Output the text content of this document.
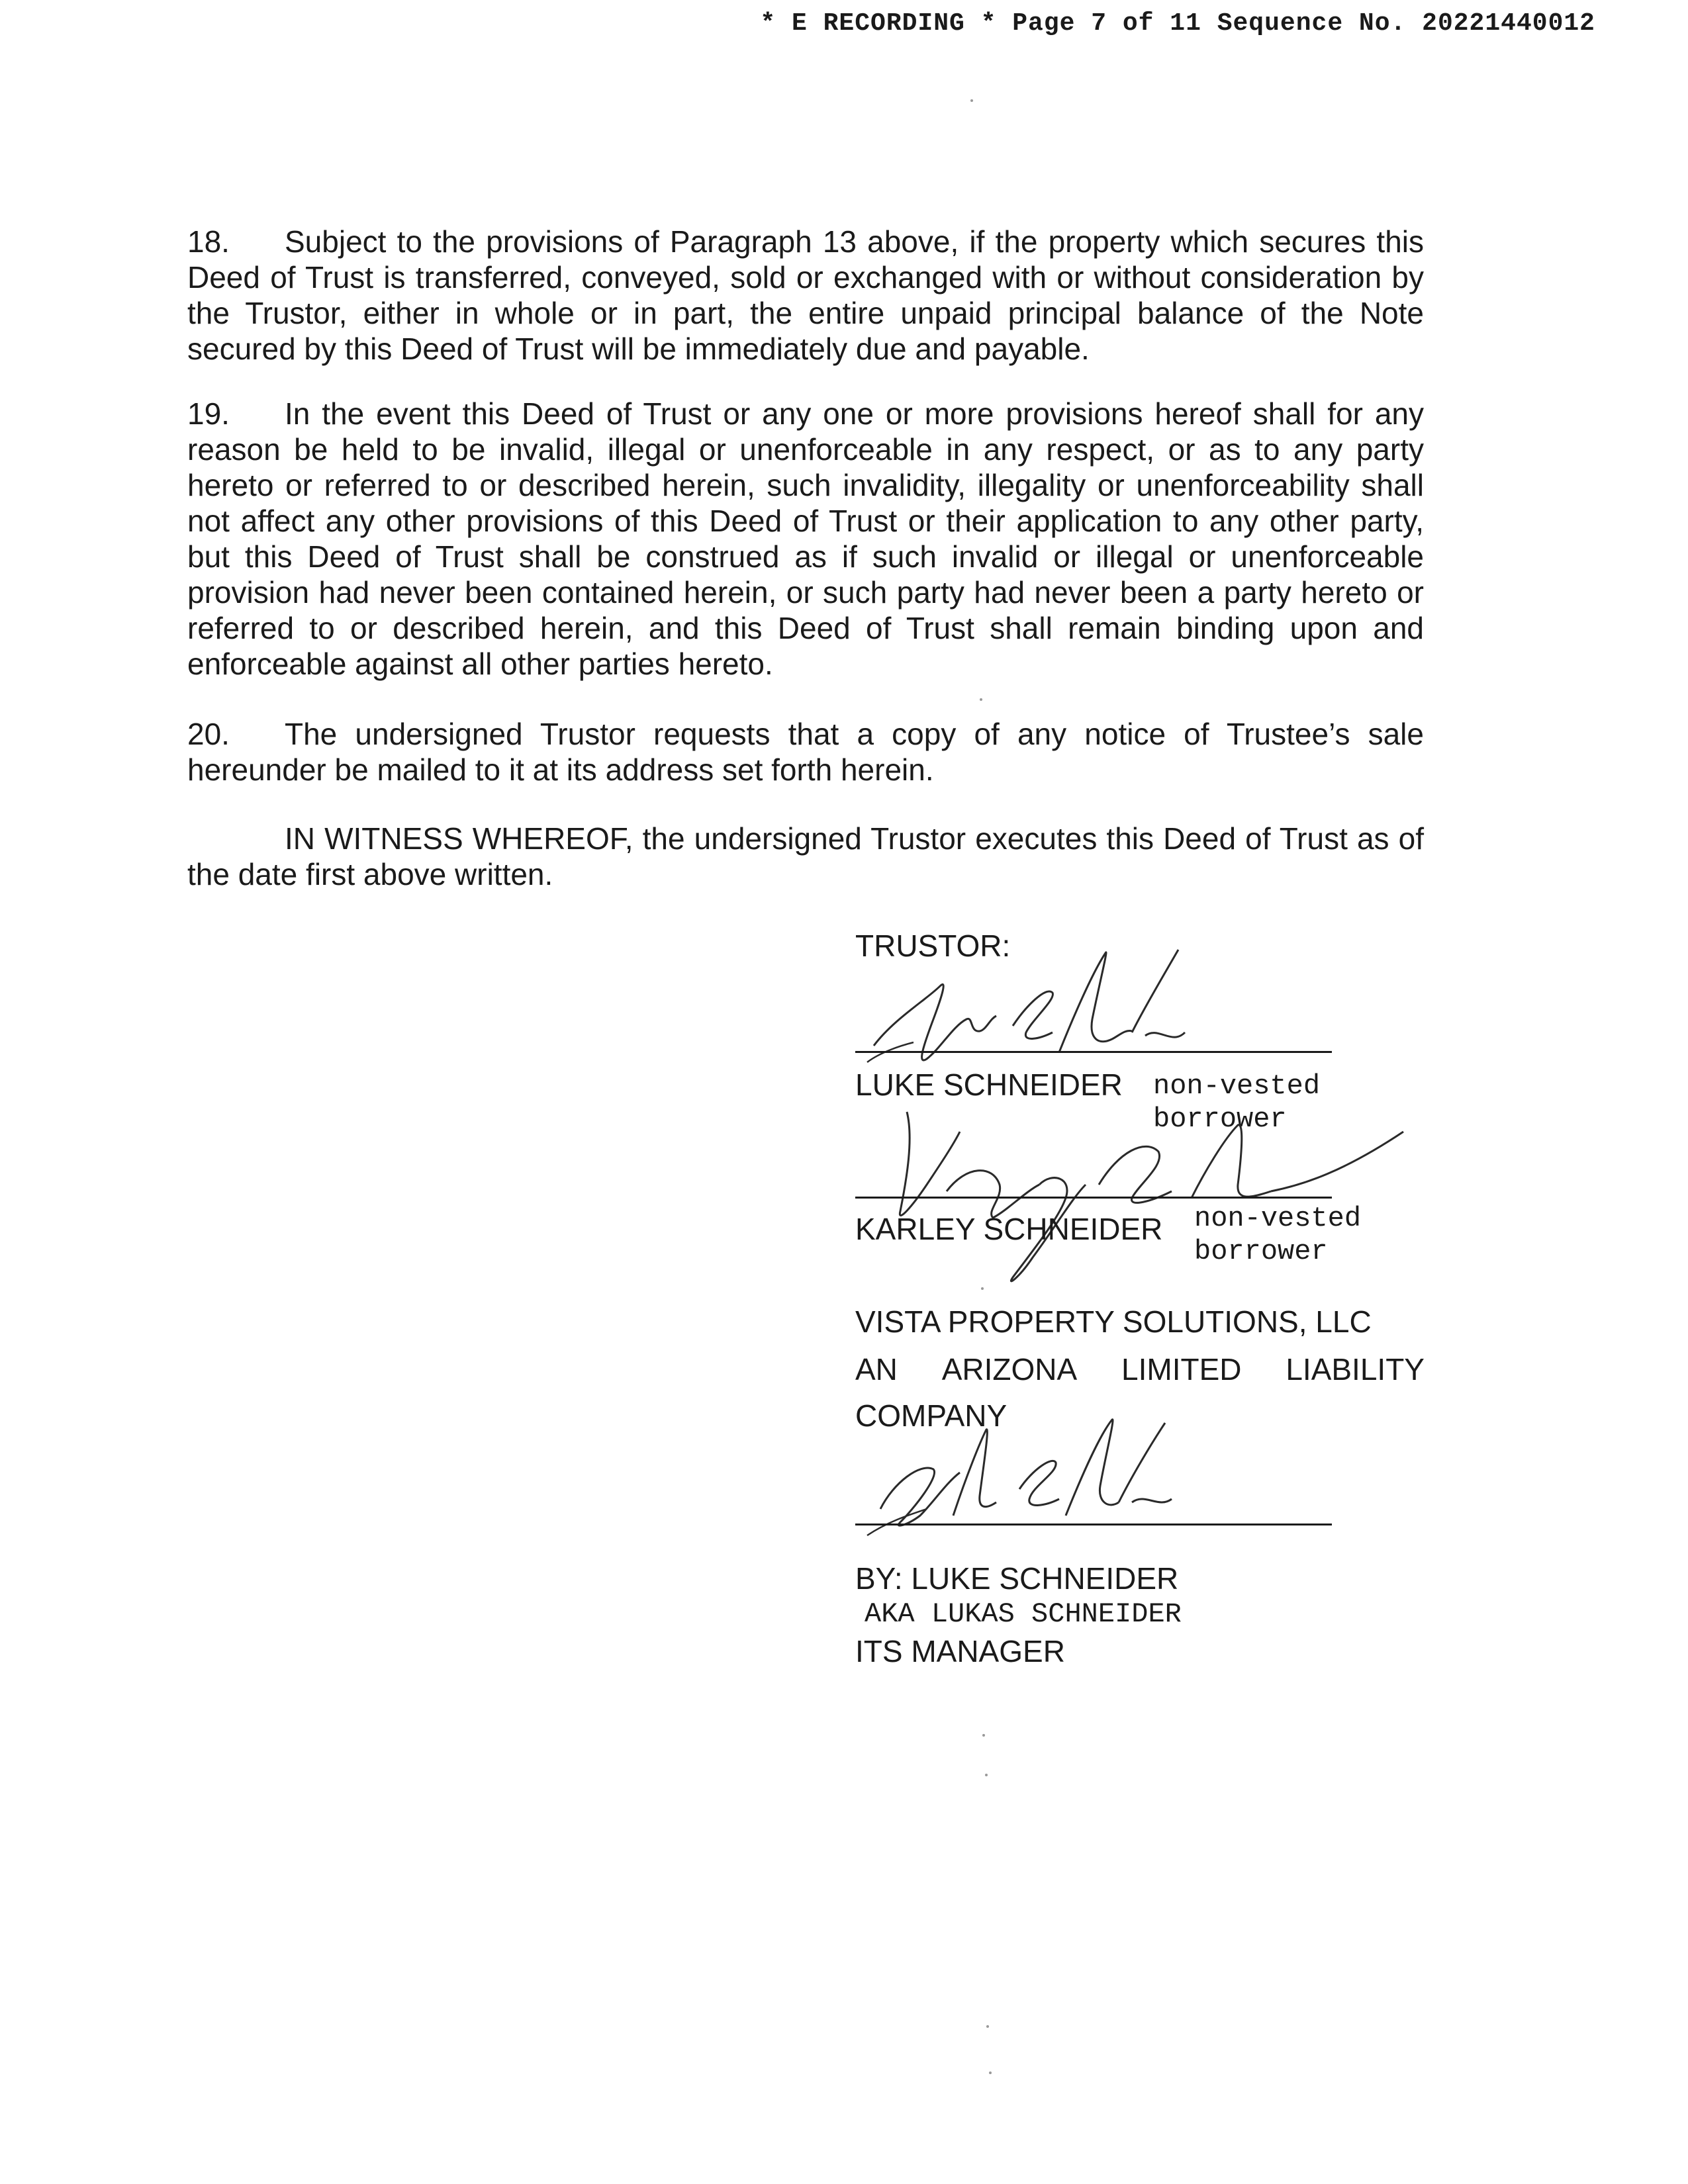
* E RECORDING * Page 7 of 11 Sequence No. 20221440012

18. Subject to the provisions of Paragraph 13 above, if the property which secures this Deed of Trust is transferred, conveyed, sold or exchanged with or without consideration by the Trustor, either in whole or in part, the entire unpaid principal balance of the Note secured by this Deed of Trust will be immediately due and payable.

19. In the event this Deed of Trust or any one or more provisions hereof shall for any reason be held to be invalid, illegal or unenforceable in any respect, or as to any party hereto or referred to or described herein, such invalidity, illegality or unenforceability shall not affect any other provisions of this Deed of Trust or their application to any other party, but this Deed of Trust shall be construed as if such invalid or illegal or unenforceable provision had never been contained herein, or such party had never been a party hereto or referred to or described herein, and this Deed of Trust shall remain binding upon and enforceable against all other parties hereto.

20. The undersigned Trustor requests that a copy of any notice of Trustee’s sale hereunder be mailed to it at its address set forth herein.

IN WITNESS WHEREOF, the undersigned Trustor executes this Deed of Trust as of the date first above written.

TRUSTOR:
LUKE SCHNEIDER non-vested
borrower
KARLEY SCHNEIDER non-vested
borrower
VISTA PROPERTY SOLUTIONS, LLC
AN ARIZONA LIMITED LIABILITY
COMPANY
BY: LUKE SCHNEIDER
AKA LUKAS SCHNEIDER
ITS MANAGER
